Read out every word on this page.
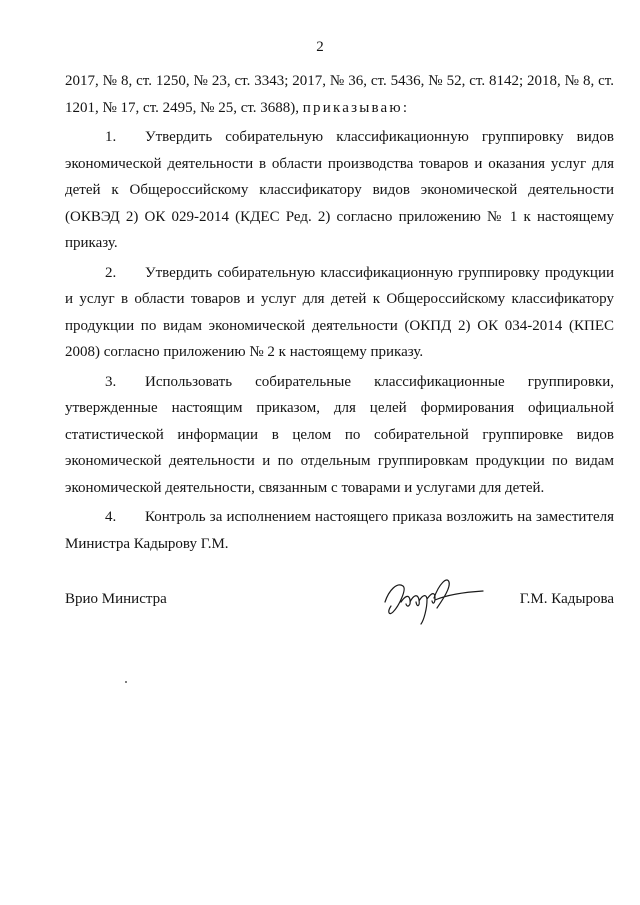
2

2017, № 8, ст. 1250, № 23, ст. 3343; 2017, № 36, ст. 5436, № 52, ст. 8142; 2018, № 8, ст. 1201, № 17, ст. 2495, № 25, ст. 3688), приказываю:

1. Утвердить собирательную классификационную группировку видов экономической деятельности в области производства товаров и оказания услуг для детей к Общероссийскому классификатору видов экономической деятельности (ОКВЭД 2) ОК 029-2014 (КДЕС Ред. 2) согласно приложению № 1 к настоящему приказу.

2. Утвердить собирательную классификационную группировку продукции и услуг в области товаров и услуг для детей к Общероссийскому классификатору продукции по видам экономической деятельности (ОКПД 2) ОК 034-2014 (КПЕС 2008) согласно приложению № 2 к настоящему приказу.

3. Использовать собирательные классификационные группировки, утвержденные настоящим приказом, для целей формирования официальной статистической информации в целом по собирательной группировке видов экономической деятельности и по отдельным группировкам продукции по видам экономической деятельности, связанным с товарами и услугами для детей.

4. Контроль за исполнением настоящего приказа возложить на заместителя Министра Кадырову Г.М.

Врио Министра	Г.М. Кадырова
